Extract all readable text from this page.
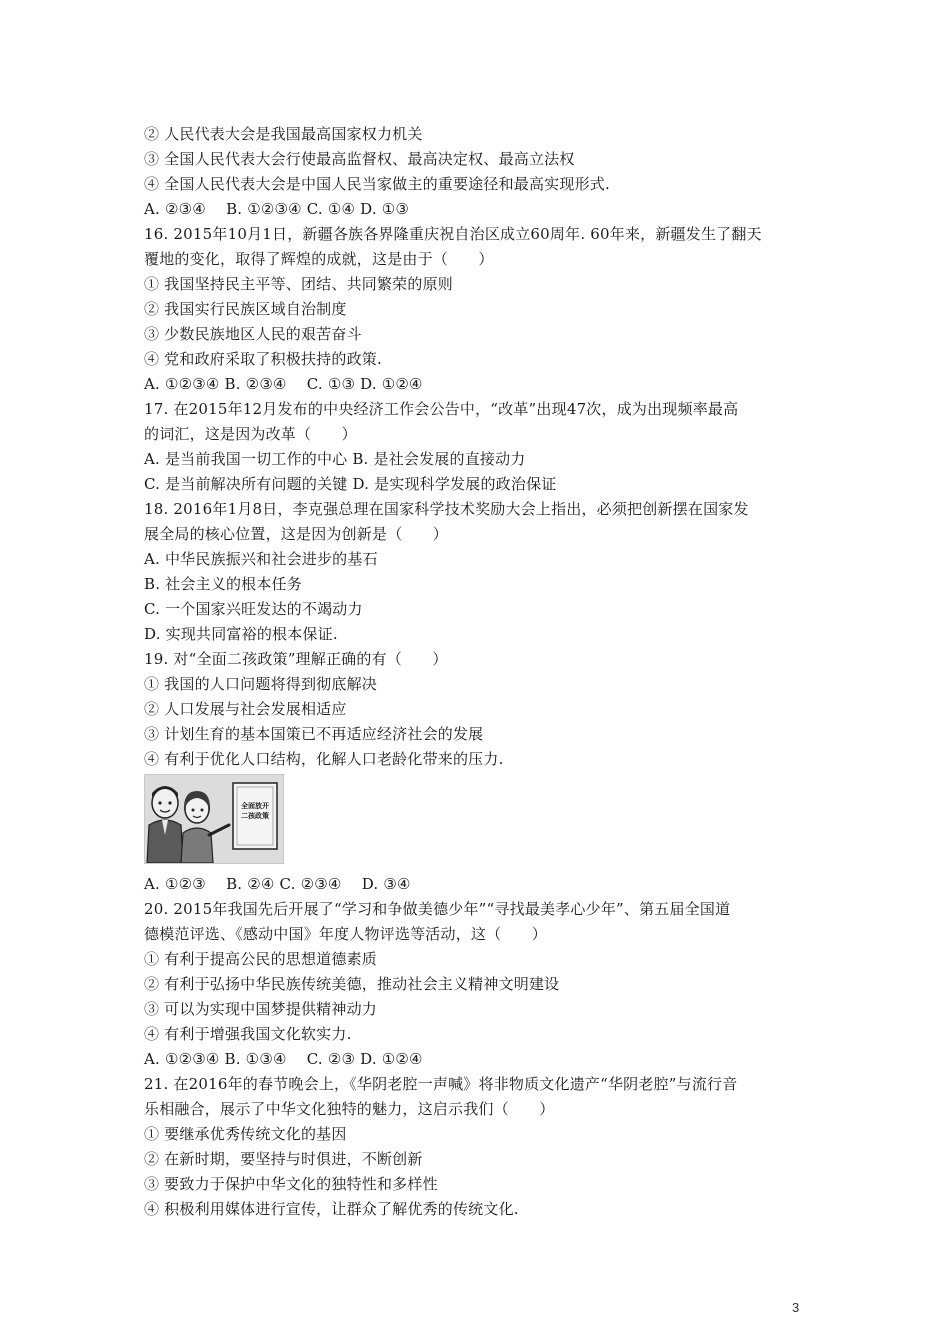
② 人民代表大会是我国最高国家权力机关
③ 全国人民代表大会行使最高监督权、最高决定权、最高立法权
④ 全国人民代表大会是中国人民当家做主的重要途径和最高实现形式.
A. ②③④　 B. ①②③④ C. ①④ D. ①③
16. 2015年10月1日，新疆各族各界隆重庆祝自治区成立60周年. 60年来，新疆发生了翻天
覆地的变化，取得了辉煌的成就，这是由于（　　）
① 我国坚持民主平等、团结、共同繁荣的原则
② 我国实行民族区域自治制度
③ 少数民族地区人民的艰苦奋斗
④ 党和政府采取了积极扶持的政策.
A. ①②③④ B. ②③④　 C. ①③ D. ①②④
17. 在2015年12月发布的中央经济工作会公告中，“改革”出现47次，成为出现频率最高
的词汇，这是因为改革（　　）
A. 是当前我国一切工作的中心 B. 是社会发展的直接动力
C. 是当前解决所有问题的关键 D. 是实现科学发展的政治保证
18. 2016年1月8日，李克强总理在国家科学技术奖励大会上指出，必须把创新摆在国家发
展全局的核心位置，这是因为创新是（　　）
A. 中华民族振兴和社会进步的基石
B. 社会主义的根本任务
C. 一个国家兴旺发达的不竭动力
D. 实现共同富裕的根本保证.
19. 对“全面二孩政策”理解正确的有（　　）
① 我国的人口问题将得到彻底解决
② 人口发展与社会发展相适应
③ 计划生育的基本国策已不再适应经济社会的发展
④ 有利于优化人口结构，化解人口老龄化带来的压力.
全面放开
二孩政策
A. ①②③　 B. ②④ C. ②③④　 D. ③④
20. 2015年我国先后开展了“学习和争做美德少年”“寻找最美孝心少年”、第五届全国道
德模范评选、《感动中国》年度人物评选等活动，这（　　）
① 有利于提高公民的思想道德素质
② 有利于弘扬中华民族传统美德，推动社会主义精神文明建设
③ 可以为实现中国梦提供精神动力
④ 有利于增强我国文化软实力.
A. ①②③④ B. ①③④　 C. ②③ D. ①②④
21. 在2016年的春节晚会上，《华阴老腔一声喊》将非物质文化遗产“华阴老腔”与流行音
乐相融合，展示了中华文化独特的魅力，这启示我们（　　）
① 要继承优秀传统文化的基因
② 在新时期，要坚持与时俱进，不断创新
③ 要致力于保护中华文化的独特性和多样性
④ 积极利用媒体进行宣传，让群众了解优秀的传统文化.
3
